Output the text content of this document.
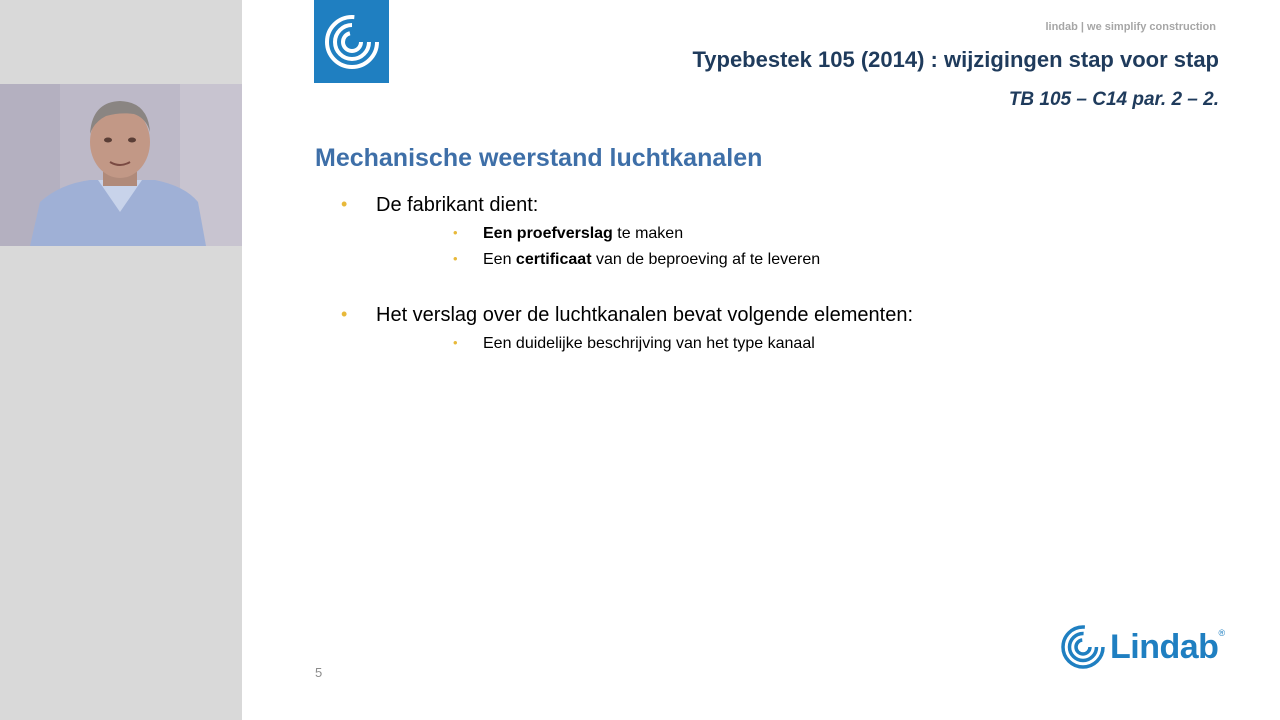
lindab | we simplify construction
Typebestek 105 (2014) : wijzigingen stap voor stap
TB 105 – C14 par. 2 – 2.
Mechanische weerstand luchtkanalen
• De fabrikant dient:
• Een proefverslag te maken
• Een certificaat van de beproeving af te leveren
• Het verslag over de luchtkanalen bevat volgende elementen:
• Een duidelijke beschrijving van het type kanaal
5
Lindab ®
